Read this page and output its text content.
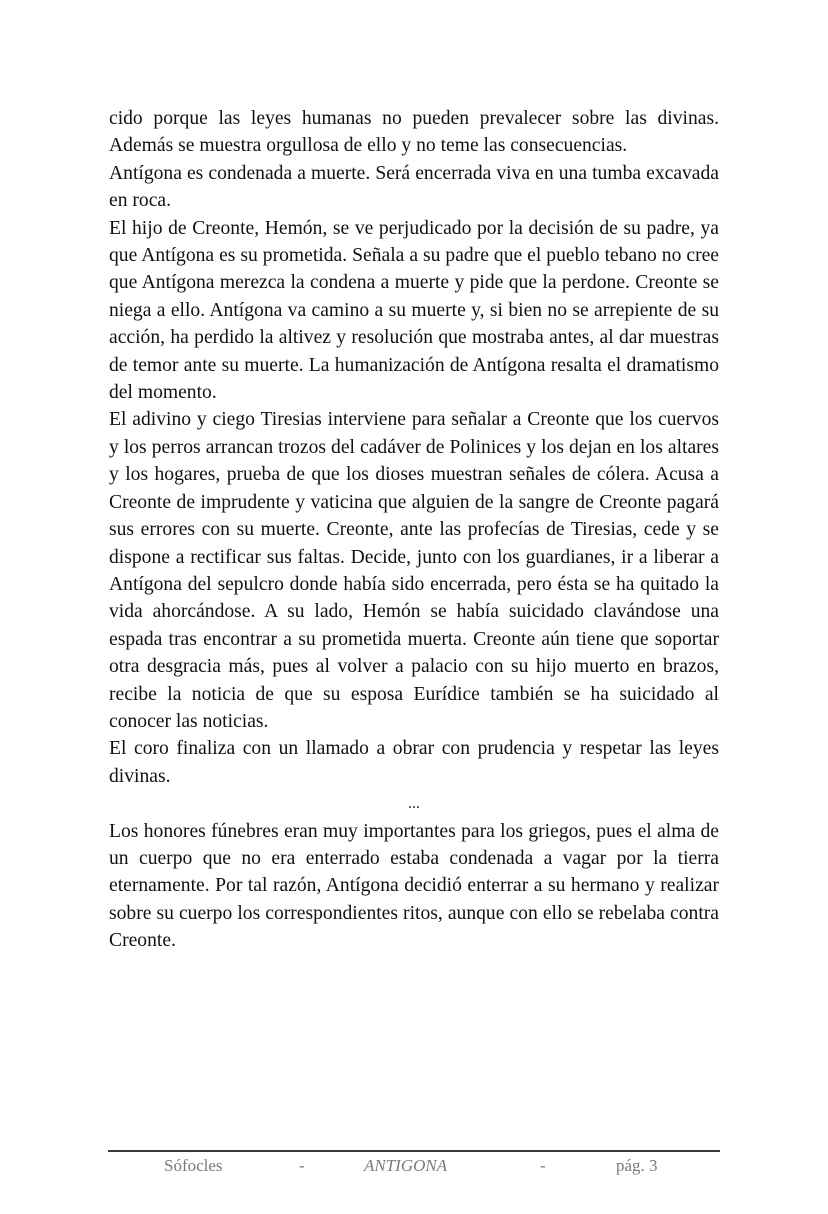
cido porque las leyes humanas no pueden prevalecer sobre las divinas. Además se muestra orgullosa de ello y no teme las consecuencias.

Antígona es condenada a muerte. Será encerrada viva en una tumba excavada en roca.

El hijo de Creonte, Hemón, se ve perjudicado por la decisión de su padre, ya que Antígona es su prometida. Señala a su padre que el pueblo tebano no cree que Antígona merezca la condena a muerte y pide que la perdone. Creonte se niega a ello. Antígona va camino a su muerte y, si bien no se arrepiente de su acción, ha perdido la altivez y resolución que mostraba antes, al dar muestras de temor ante su muerte. La humanización de Antígona resalta el dramatismo del momento.

El adivino y ciego Tiresias interviene para señalar a Creonte que los cuervos y los perros arrancan trozos del cadáver de Polinices y los dejan en los altares y los hogares, prueba de que los dioses muestran señales de cólera. Acusa a Creonte de imprudente y vaticina que alguien de la sangre de Creonte pagará sus errores con su muerte. Creonte, ante las profecías de Tiresias, cede y se dispone a rectificar sus faltas. Decide, junto con los guardianes, ir a liberar a Antígona del sepulcro donde había sido encerrada, pero ésta se ha quitado la vida ahorcándose. A su lado, Hemón se había suicidado clavándose una espada tras encontrar a su prometida muerta. Creonte aún tiene que soportar otra desgracia más, pues al volver a palacio con su hijo muerto en brazos, recibe la noticia de que su esposa Eurídice también se ha suicidado al conocer las noticias.

El coro finaliza con un llamado a obrar con prudencia y respetar las leyes divinas.

...

Los honores fúnebres eran muy importantes para los griegos, pues el alma de un cuerpo que no era enterrado estaba condenada a vagar por la tierra eternamente. Por tal razón, Antígona decidió enterrar a su hermano y realizar sobre su cuerpo los correspondientes ritos, aunque con ello se rebelaba contra Creonte.

Sófocles	-	ANTIGONA	-	pág. 3
